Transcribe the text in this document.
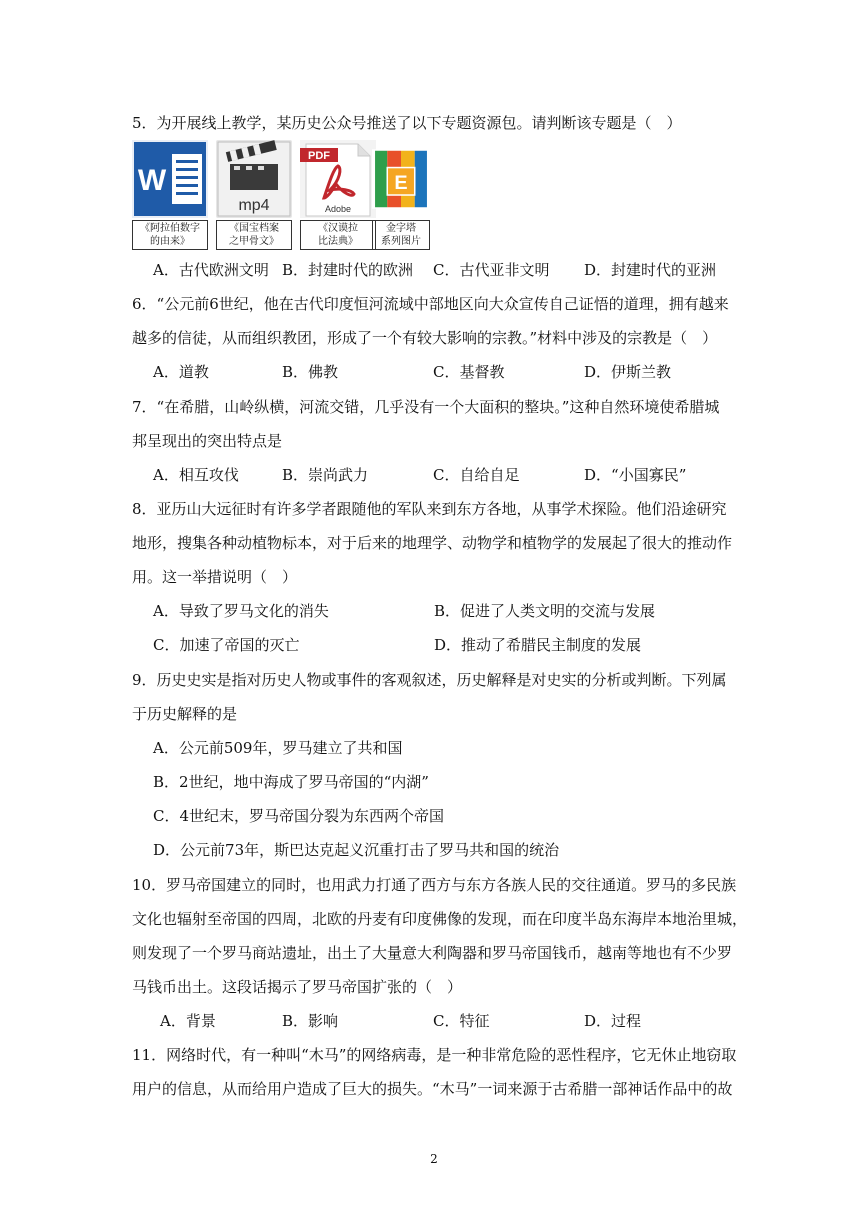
5．为开展线上教学，某历史公众号推送了以下专题资源包。请判断该专题是（　）
W
《阿拉伯数字
的由来》
mp4
《国宝档案
之甲骨文》
PDF
Adobe
《汉谟拉
比法典》
E
金字塔
系列图片
A．古代欧洲文明 B．封建时代的欧洲 C．古代亚非文明 D．封建时代的亚洲
6．“公元前6世纪，他在古代印度恒河流域中部地区向大众宣传自己证悟的道理，拥有越来
越多的信徒，从而组织教团，形成了一个有较大影响的宗教。”材料中涉及的宗教是（　）
A．道教	B．佛教	C．基督教	D．伊斯兰教
7．“在希腊，山岭纵横，河流交错，几乎没有一个大面积的整块。”这种自然环境使希腊城
邦呈现出的突出特点是
A．相互攻伐	B．崇尚武力	C．自给自足	D．“小国寡民”
8．亚历山大远征时有许多学者跟随他的军队来到东方各地，从事学术探险。他们沿途研究
地形，搜集各种动植物标本，对于后来的地理学、动物学和植物学的发展起了很大的推动作
用。这一举措说明（　）
A．导致了罗马文化的消失	B．促进了人类文明的交流与发展
C．加速了帝国的灭亡	D．推动了希腊民主制度的发展
9．历史史实是指对历史人物或事件的客观叙述，历史解释是对史实的分析或判断。下列属
于历史解释的是
A．公元前509年，罗马建立了共和国
B．2世纪，地中海成了罗马帝国的“内湖”
C．4世纪末，罗马帝国分裂为东西两个帝国
D．公元前73年，斯巴达克起义沉重打击了罗马共和国的统治
10．罗马帝国建立的同时，也用武力打通了西方与东方各族人民的交往通道。罗马的多民族
文化也辐射至帝国的四周，北欧的丹麦有印度佛像的发现，而在印度半岛东海岸本地治里城，
则发现了一个罗马商站遗址，出土了大量意大利陶器和罗马帝国钱币，越南等地也有不少罗
马钱币出土。这段话揭示了罗马帝国扩张的（　）
A．背景	B．影响	C．特征	D．过程
11．网络时代，有一种叫“木马”的网络病毒，是一种非常危险的恶性程序，它无休止地窃取
用户的信息，从而给用户造成了巨大的损失。“木马”一词来源于古希腊一部神话作品中的故
2
